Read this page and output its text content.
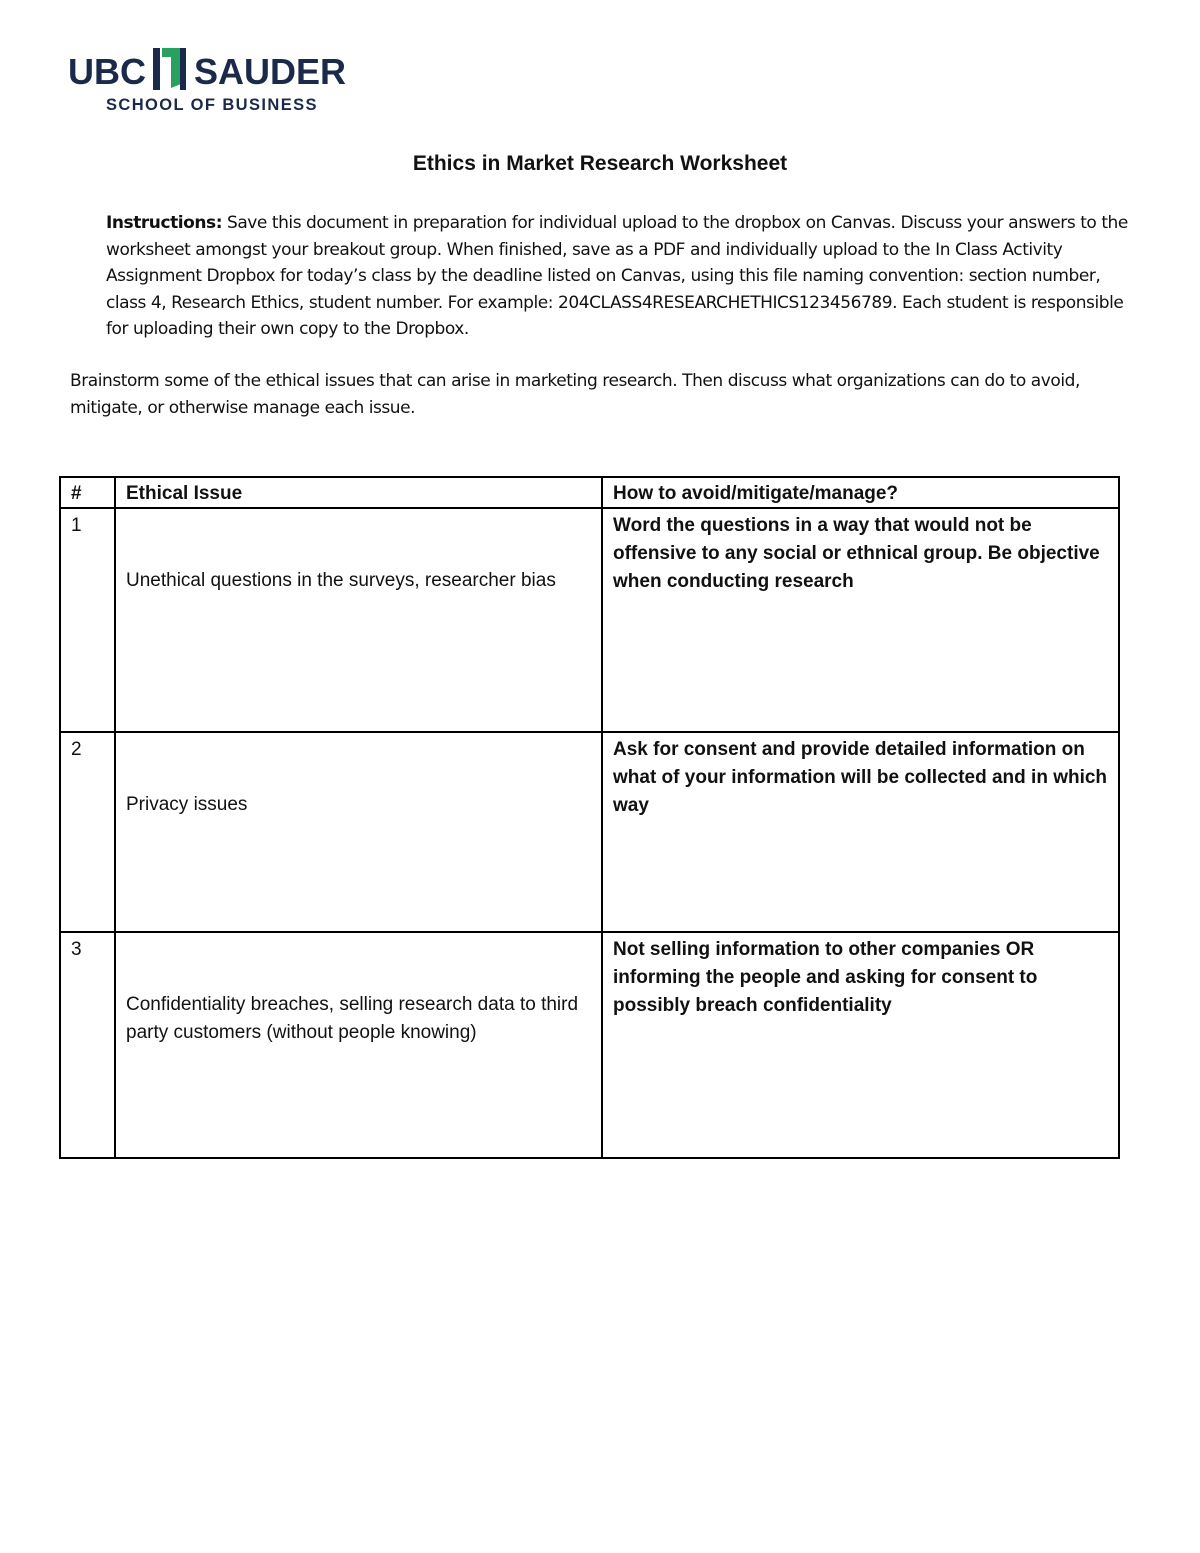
UBC SAUDER
SCHOOL OF BUSINESS
Ethics in Market Research Worksheet
Instructions: Save this document in preparation for individual upload to the dropbox on Canvas. Discuss your answers to the worksheet amongst your breakout group. When finished, save as a PDF and individually upload to the In Class Activity Assignment Dropbox for today’s class by the deadline listed on Canvas, using this file naming convention: section number, class 4, Research Ethics, student number. For example: 204CLASS4RESEARCHETHICS123456789. Each student is responsible for uploading their own copy to the Dropbox.
Brainstorm some of the ethical issues that can arise in marketing research. Then discuss what organizations can do to avoid, mitigate, or otherwise manage each issue.
#	Ethical Issue	How to avoid/mitigate/manage?
1	Unethical questions in the surveys, researcher bias	Word the questions in a way that would not be offensive to any social or ethnical group. Be objective when conducting research
2	Privacy issues	Ask for consent and provide detailed information on what of your information will be collected and in which way
3	Confidentiality breaches, selling research data to third party customers (without people knowing)	Not selling information to other companies OR informing the people and asking for consent to possibly breach confidentiality
